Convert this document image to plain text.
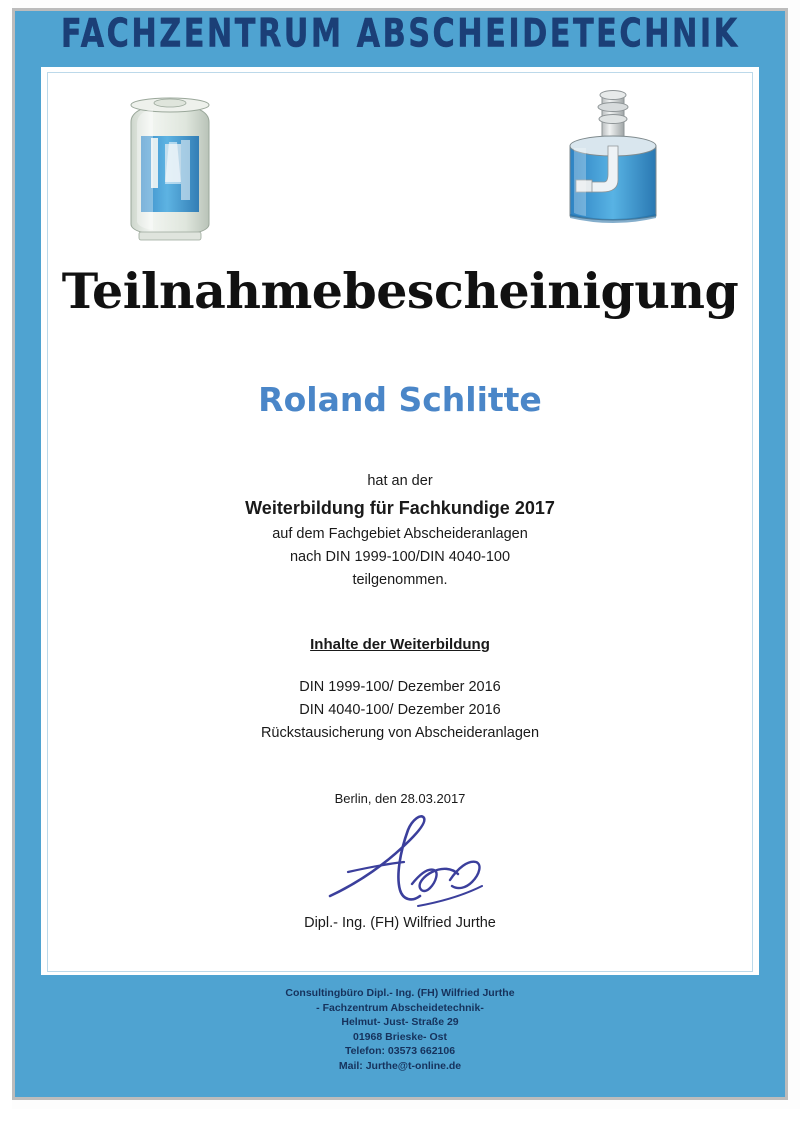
FACHZENTRUM ABSCHEIDETECHNIK
Teilnahmebescheinigung
Roland Schlitte
hat an der
Weiterbildung für Fachkundige 2017
auf dem Fachgebiet Abscheideranlagen
nach DIN 1999-100/DIN 4040-100
teilgenommen.
Inhalte der Weiterbildung
DIN 1999-100/ Dezember 2016
DIN 4040-100/ Dezember 2016
Rückstausicherung von Abscheideranlagen
Berlin, den 28.03.2017
Dipl.- Ing. (FH) Wilfried Jurthe
Consultingbüro Dipl.- Ing. (FH) Wilfried Jurthe
- Fachzentrum Abscheidetechnik-
Helmut- Just- Straße 29
01968 Brieske- Ost
Telefon: 03573 662106
Mail: Jurthe@t-online.de
